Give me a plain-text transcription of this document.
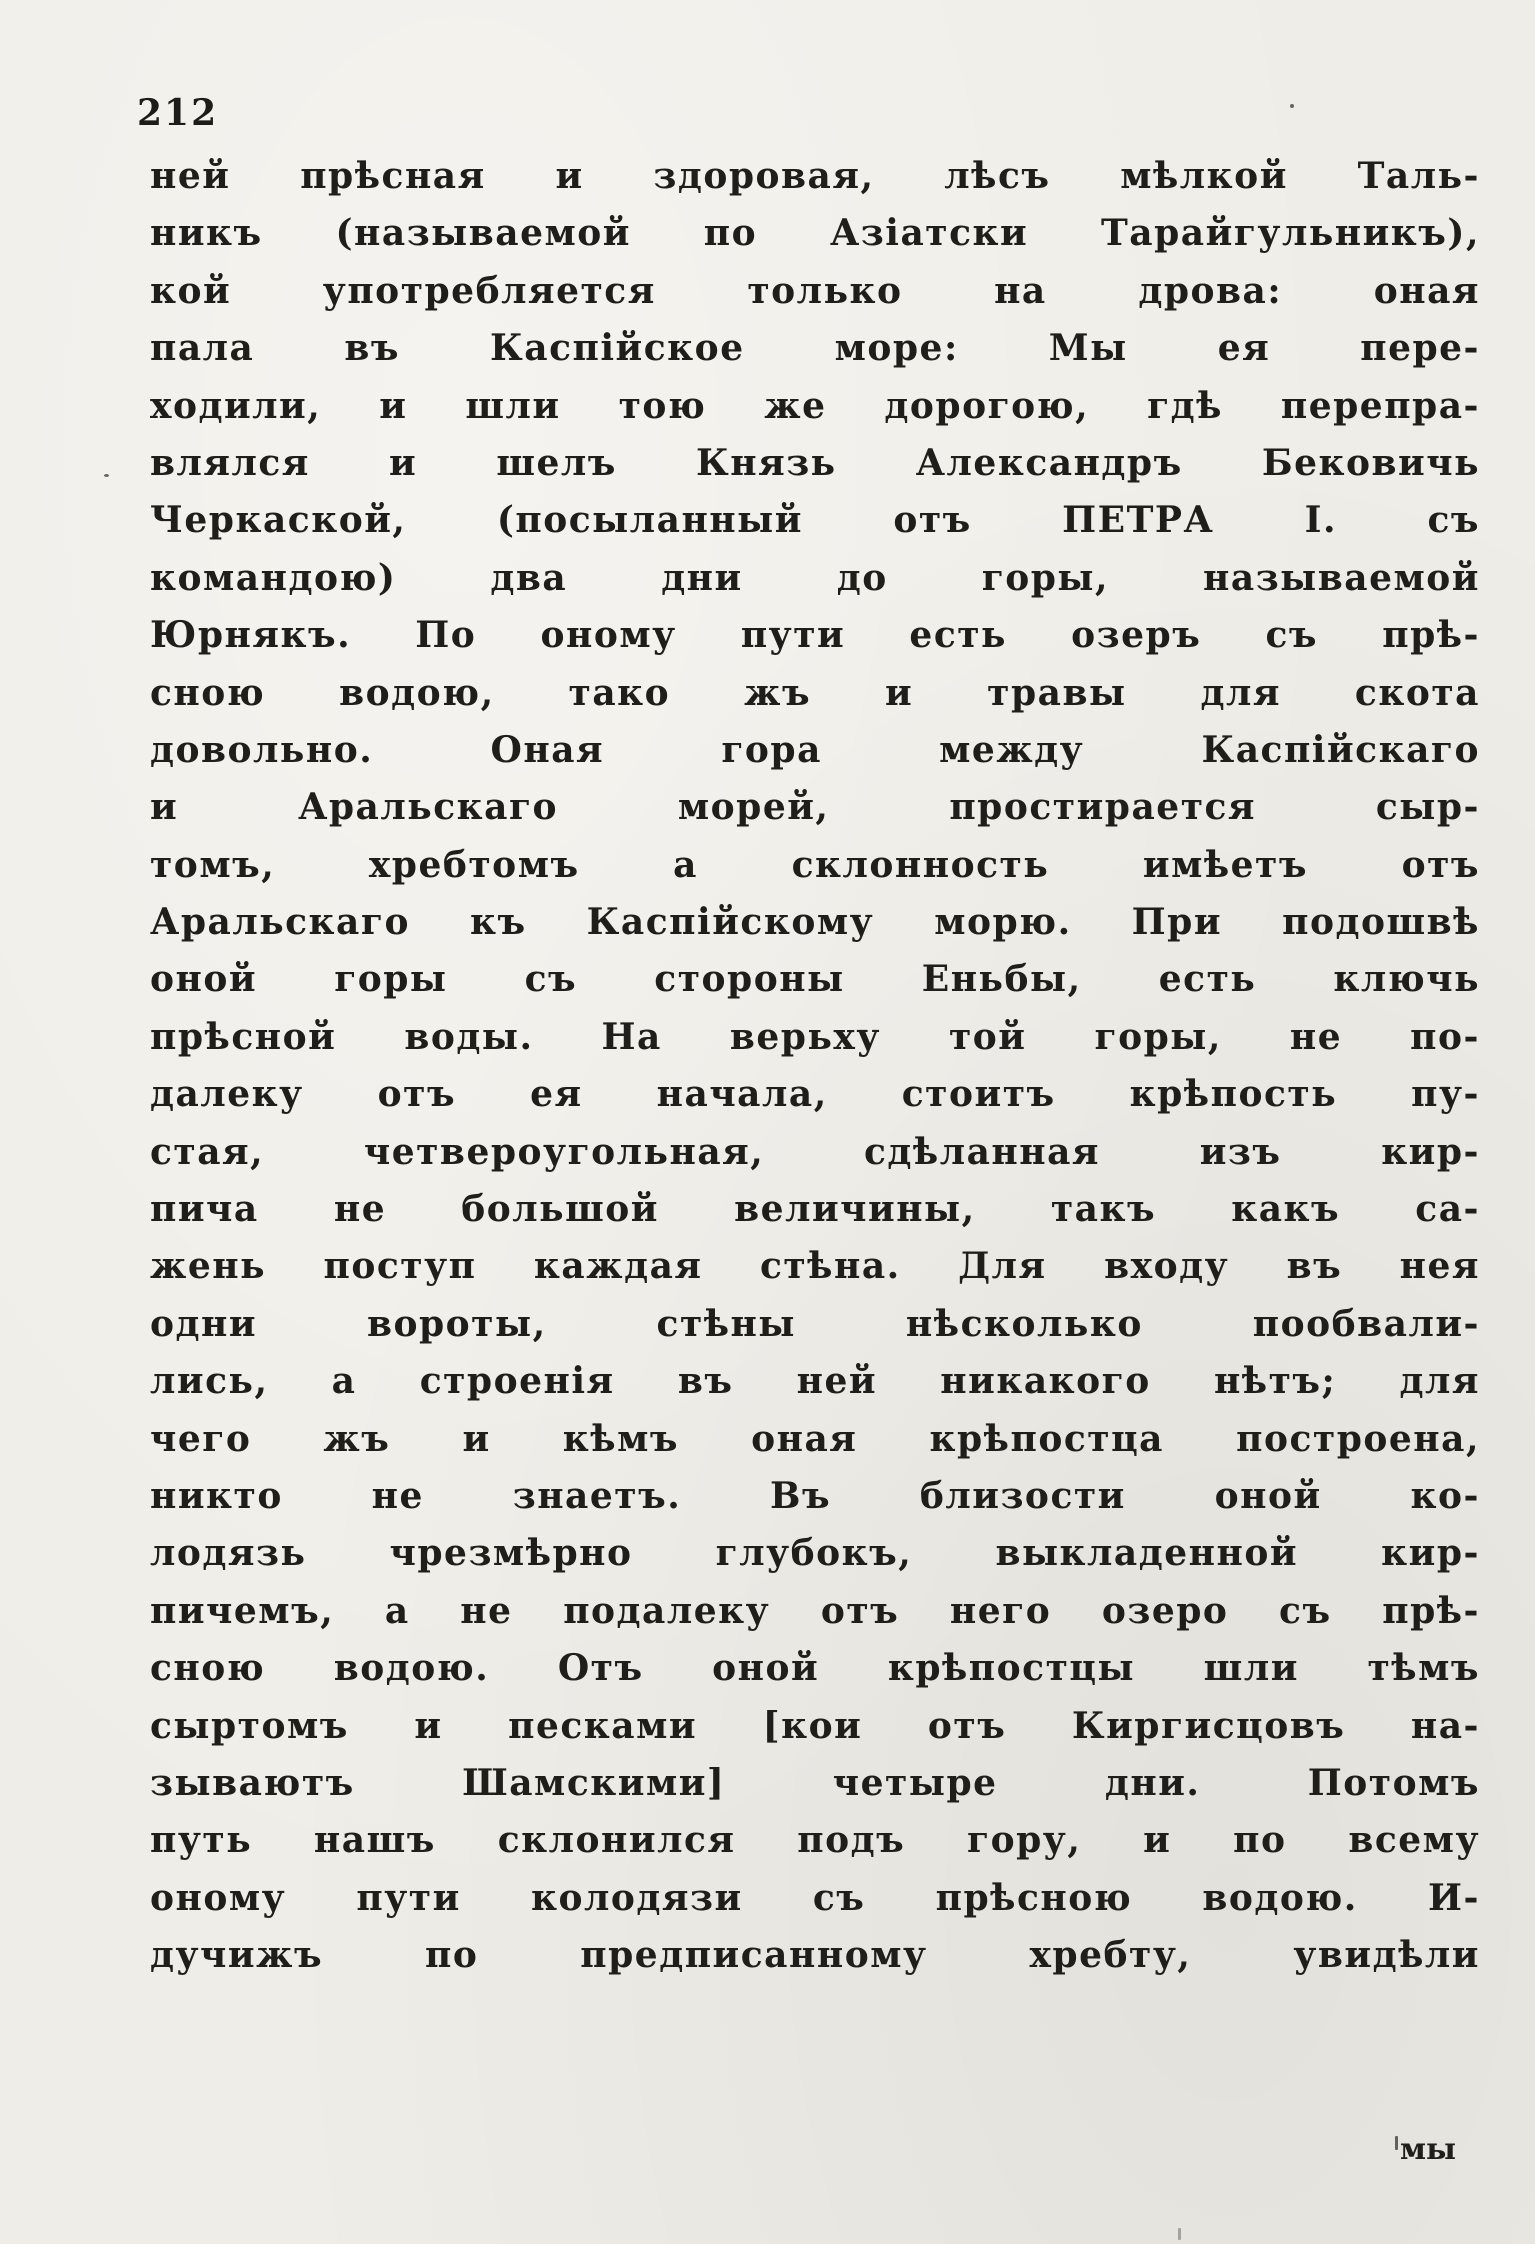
212
ней прѣсная и здоровая, лѣсъ мѣлкой Таль-
никъ (называемой по Азіатски Тарайгульникъ),
кой употребляется только на дрова: оная
пала въ Каспійское море: Мы ея пере-
ходили, и шли тою же дорогою, гдѣ перепра-
влялся и шелъ Князь Александръ Бековичь
Черкаской, (посыланный отъ ПЕТРА I. съ
командою) два дни до горы, называемой
Юрнякъ. По оному пути есть озеръ съ прѣ-
сною водою, тако жъ и травы для скота
довольно. Оная гора между Каспійскаго
и Аральскаго морей, простирается сыр-
томъ, хребтомъ а склонность имѣетъ отъ
Аральскаго къ Каспійскому морю. При подошвѣ
оной горы съ стороны Еньбы, есть ключь
прѣсной воды. На верьху той горы, не по-
далеку отъ ея начала, стоитъ крѣпость пу-
стая, четвероугольная, сдѣланная изъ кир-
пича не большой величины, такъ какъ са-
жень поступ каждая стѣна. Для входу въ нея
одни вороты, стѣны нѣсколько пообвали-
лись, а строенія въ ней никакого нѣтъ; для
чего жъ и кѣмъ оная крѣпостца построена,
никто не знаетъ. Въ близости оной ко-
лодязь чрезмѣрно глубокъ, выкладенной кир-
пичемъ, а не подалеку отъ него озеро съ прѣ-
сною водою. Отъ оной крѣпостцы шли тѣмъ
сыртомъ и песками [кои отъ Киргисцовъ на-
зываютъ Шамскими] четыре дни. Потомъ
путь нашъ склонился подъ гору, и по всему
оному пути колодязи съ прѣсною водою. И-
дучижъ по предписанному хребту, увидѣли
мы
